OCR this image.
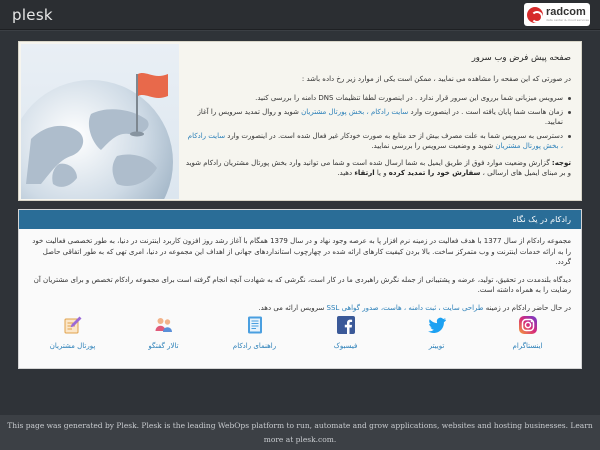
plesk	radcom
data center & cloud services
صفحه پیش فرض وب سرور
در صورتی که این صفحه را مشاهده می نمایید ، ممکن است یکی از موارد زیر رخ داده باشد :
سرویس میزبانی شما برروی این سرور قرار ندارد . در اینصورت لطفا تنظیمات DNS دامنه را بررسی کنید.
زمان هاست شما پایان یافته است . در اینصورت وارد سایت رادکام ، بخش پورتال مشتریان شوید و روال تمدید سرویس را آغاز نمایید.
دسترسی به سرویس شما به علت مصرف بیش از حد منابع به صورت خودکار غیر فعال شده است. در اینصورت وارد سایت رادکام ، بخش پورتال مشتریان شوید و وضعیت سرویس را بررسی نمایید.
توجه: گزارش وضعیت موارد فوق از طریق ایمیل به شما ارسال شده است و شما می توانید وارد بخش پورتال مشتریان رادکام شوید و بر مبنای ایمیل های ارسالی ، سفارش خود را تمدید کرده و یا ارتقاء دهید.
رادکام در یک نگاه

مجموعه رادکام از سال 1377 با هدف فعالیت در زمینه نرم افزار پا به عرصه وجود نهاد و در سال 1379 همگام با آغاز رشد روز افزون کاربرد اینترنت در دنیا، به طور تخصصی فعالیت خود را به ارائه خدمات اینترنت و وب متمرکز ساخت. بالا بردن کیفیت کارهای ارائه شده در چهارچوب استانداردهای جهانی از اهداف این مجموعه در دنیا، امری تهی که به طور اتفاقی حاصل گردد.

دیدگاه بلندمدت در تحقیق، تولید، عرضه و پشتیبانی از جمله نگرش راهبردی ما در کار است، نگرشی که به شهادت آنچه انجام گرفته است برای مجموعه رادکام تخصص و برای مشتریان آن رضایت را به همراه داشته است.

در حال حاضر رادکام در زمینه طراحی سایت ، ثبت دامنه ، هاست، صدور گواهی SSL سرویس ارائه می دهد.

اینستاگرام
توییتر
فیسبوک
راهنمای رادکام
تالار گفتگو
پورتال مشتریان
This page was generated by Plesk. Plesk is the leading WebOps platform to run, automate and grow applications, websites and hosting businesses. Learn more at plesk.com.
